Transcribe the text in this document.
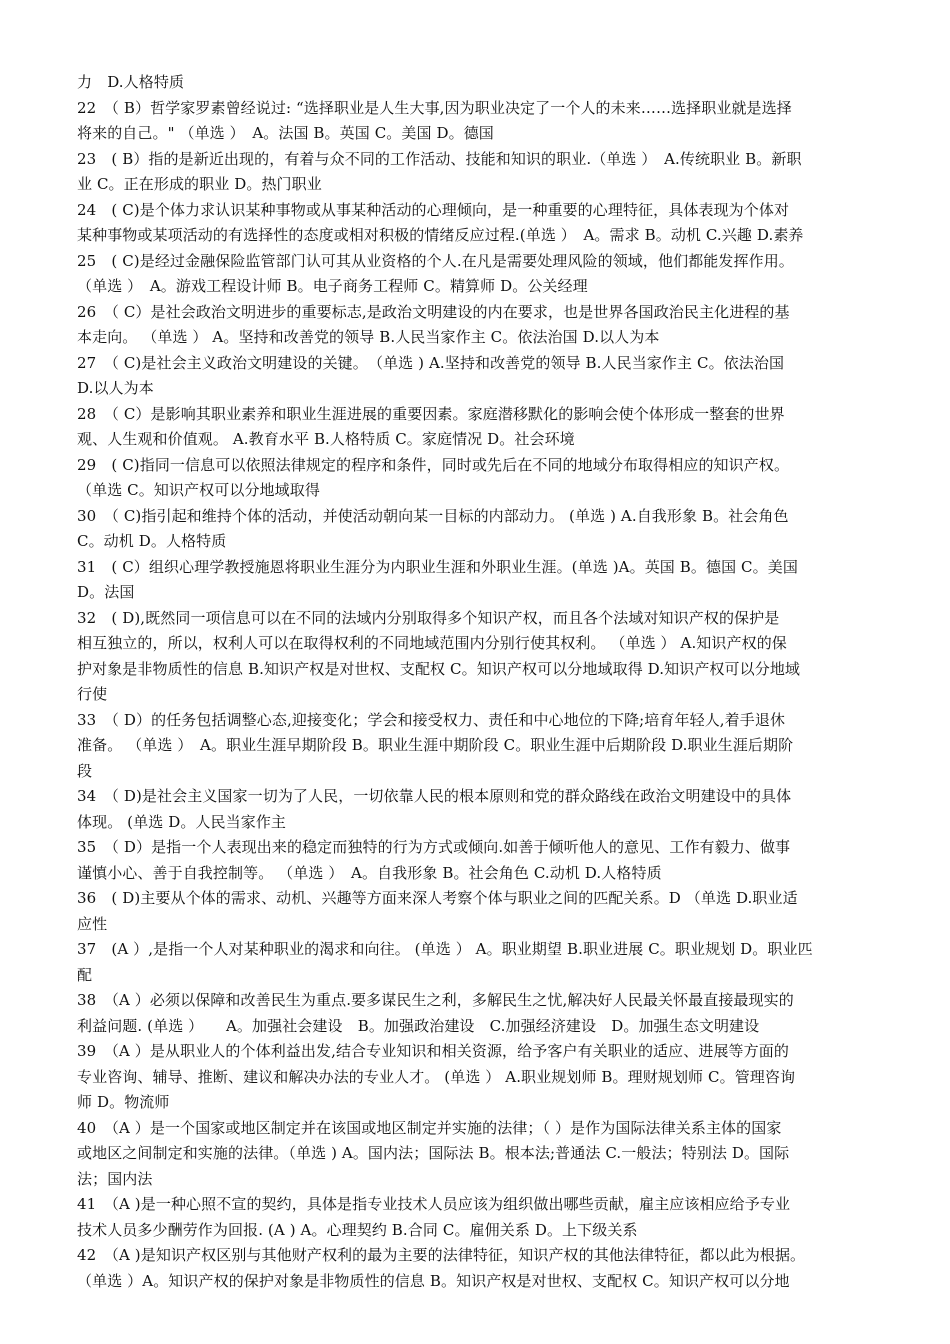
力　D.人格特质
22　（ B）哲学家罗素曾经说过: “选择职业是人生大事,因为职业决定了一个人的未来……选择职业就是选择
将来的自己。" （单选 ）　A。法国 B。英国 C。美国 D。德国
23　( B）指的是新近出现的，有着与众不同的工作活动、技能和知识的职业.（单选 ）　A.传统职业 B。新职
业 C。正在形成的职业 D。热门职业
24　( C)是个体力求认识某种事物或从事某种活动的心理倾向，是一种重要的心理特征，具体表现为个体对
某种事物或某项活动的有选择性的态度或相对积极的情绪反应过程.(单选 ）　A。需求 B。动机 C.兴趣 D.素养
25　( C)是经过金融保险监管部门认可其从业资格的个人.在凡是需要处理风险的领域，他们都能发挥作用。
（单选 ）　A。游戏工程设计师 B。电子商务工程师 C。精算师 D。公关经理
26　（ C）是社会政治文明进步的重要标志,是政治文明建设的内在要求，也是世界各国政治民主化进程的基
本走向。 （单选 ） A。坚持和改善党的领导 B.人民当家作主 C。依法治国 D.以人为本
27　（ C)是社会主义政治文明建设的关键。　（单选 ) A.坚持和改善党的领导 B.人民当家作主 C。依法治国
D.以人为本
28　（ C）是影响其职业素养和职业生涯进展的重要因素。家庭潜移默化的影响会使个体形成一整套的世界
观、人生观和价值观。 A.教育水平 B.人格特质 C。家庭情况 D。社会环境
29　( C)指同一信息可以依照法律规定的程序和条件，同时或先后在不同的地域分布取得相应的知识产权。
（单选 C。知识产权可以分地域取得
30　（ C)指引起和维持个体的活动，并使活动朝向某一目标的内部动力。 (单选 ) A.自我形象 B。社会角色
C。动机 D。人格特质
31　( C）组织心理学教授施恩将职业生涯分为内职业生涯和外职业生涯。(单选 )A。英国 B。德国 C。美国
D。法国
32　( D),既然同一项信息可以在不同的法域内分别取得多个知识产权，而且各个法域对知识产权的保护是
相互独立的，所以，权利人可以在取得权利的不同地域范围内分别行使其权利。 （单选 ） A.知识产权的保
护对象是非物质性的信息 B.知识产权是对世权、支配权 C。知识产权可以分地域取得 D.知识产权可以分地域
行使
33　（ D）的任务包括调整心态,迎接变化；学会和接受权力、责任和中心地位的下降;培育年轻人,着手退休
准备。 （单选 ）　A。职业生涯早期阶段 B。职业生涯中期阶段 C。职业生涯中后期阶段 D.职业生涯后期阶
段
34　（ D)是社会主义国家一切为了人民，一切依靠人民的根本原则和党的群众路线在政治文明建设中的具体
体现。 (单选 D。人民当家作主
35　（ D）是指一个人表现出来的稳定而独特的行为方式或倾向.如善于倾听他人的意见、工作有毅力、做事
谨慎小心、善于自我控制等。 （单选 ）　A。自我形象 B。社会角色 C.动机 D.人格特质
36　( D)主要从个体的需求、动机、兴趣等方面来深人考察个体与职业之间的匹配关系。D （单选 D.职业适
应性
37　(A ）,是指一个人对某种职业的渴求和向往。 (单选 ） A。职业期望 B.职业进展 C。职业规划 D。职业匹
配
38　（A ）必须以保障和改善民生为重点.要多谋民生之利，多解民生之忧,解决好人民最关怀最直接最现实的
利益问题. (单选 ）　　A。加强社会建设　B。加强政治建设　C.加强经济建设　D。加强生态文明建设
39　（A ）是从职业人的个体利益出发,结合专业知识和相关资源，给予客户有关职业的适应、进展等方面的
专业咨询、辅导、推断、建议和解决办法的专业人才。 (单选 ） A.职业规划师 B。理财规划师 C。管理咨询
师 D。物流师
40　（A ）是一个国家或地区制定并在该国或地区制定并实施的法律；（ ）是作为国际法律关系主体的国家
或地区之间制定和实施的法律。（单选 ) A。国内法；国际法 B。根本法;普通法 C.一般法；特别法 D。国际
法；国内法
41　（A )是一种心照不宣的契约，具体是指专业技术人员应该为组织做出哪些贡献，雇主应该相应给予专业
技术人员多少酬劳作为回报. (A ) A。心理契约 B.合同 C。雇佣关系 D。上下级关系
42　（A )是知识产权区别与其他财产权利的最为主要的法律特征，知识产权的其他法律特征，都以此为根据。
（单选 ）A。知识产权的保护对象是非物质性的信息 B。知识产权是对世权、支配权 C。知识产权可以分地
